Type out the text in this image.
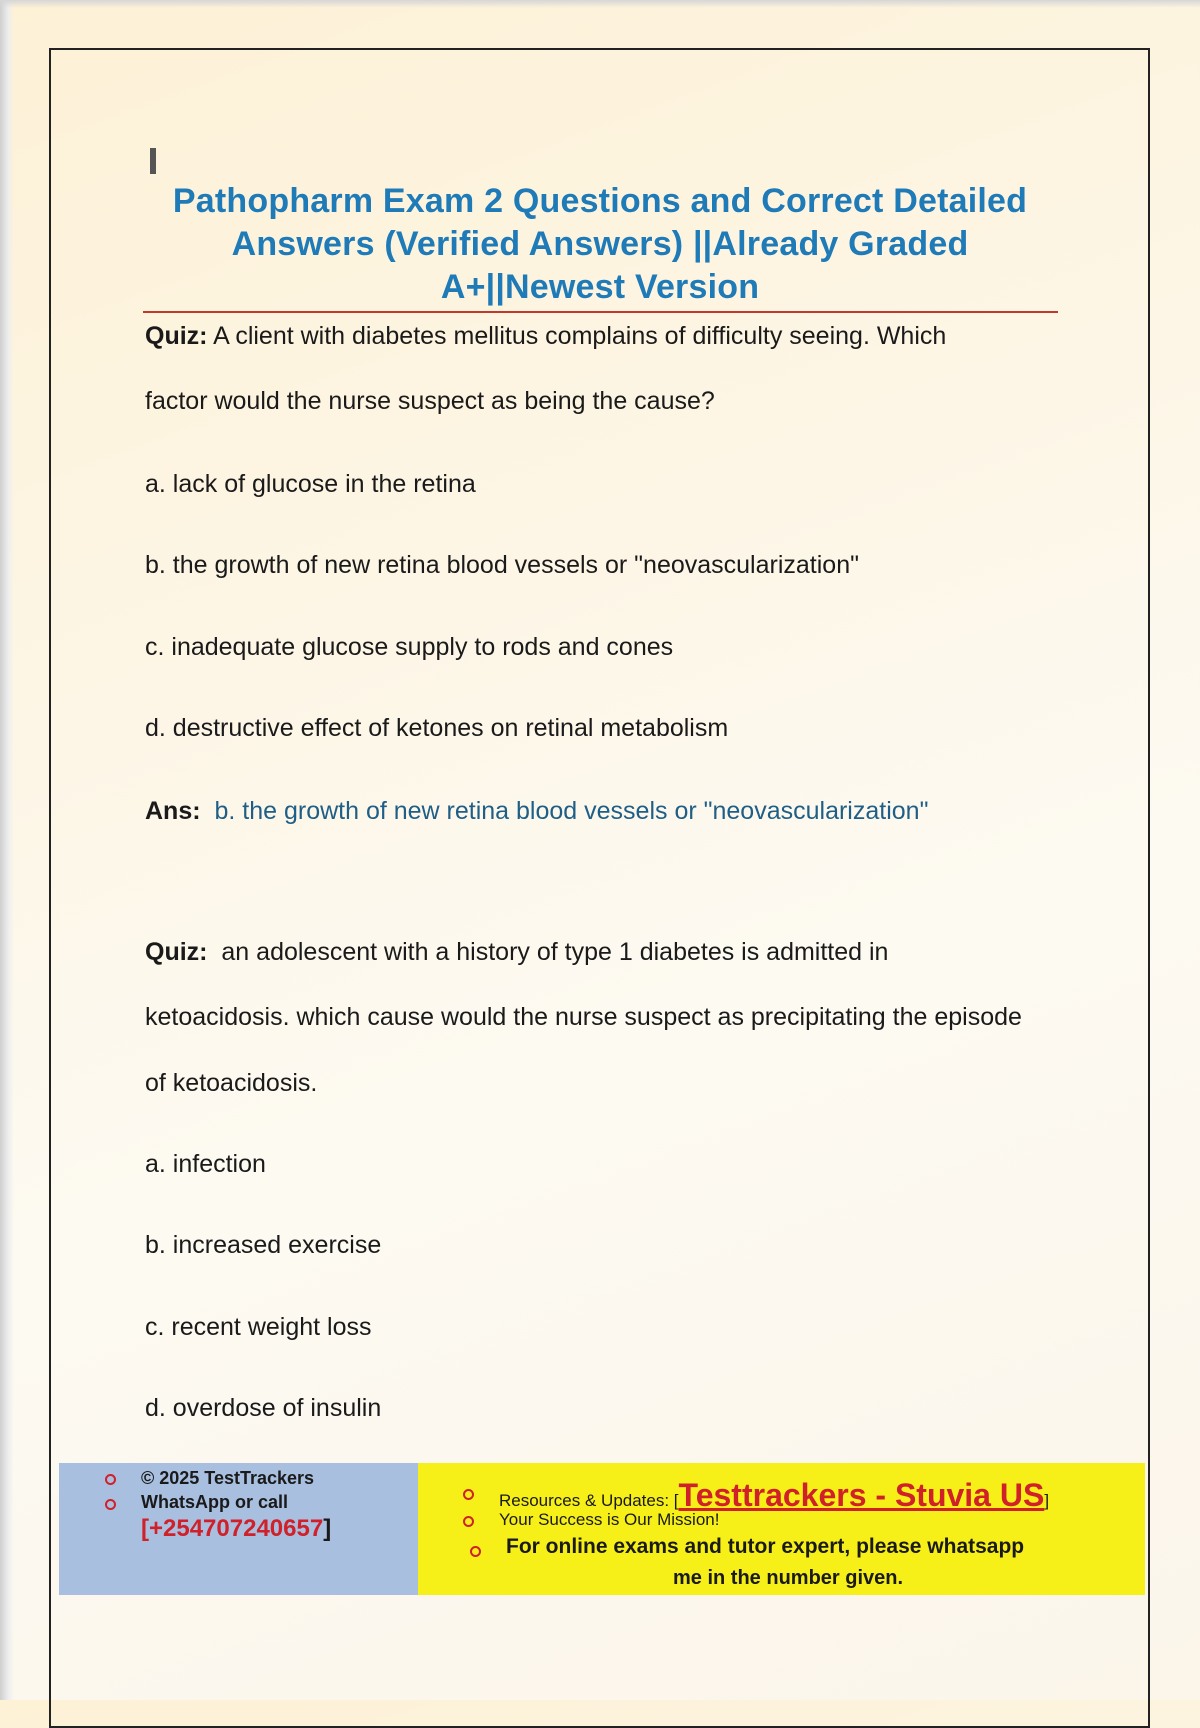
Pathopharm Exam 2 Questions and Correct Detailed
Answers (Verified Answers) ||Already Graded
A+||Newest Version
Quiz: A client with diabetes mellitus complains of difficulty seeing. Which
factor would the nurse suspect as being the cause?
a. lack of glucose in the retina
b. the growth of new retina blood vessels or "neovascularization"
c. inadequate glucose supply to rods and cones
d. destructive effect of ketones on retinal metabolism
Ans: b. the growth of new retina blood vessels or "neovascularization"
Quiz: an adolescent with a history of type 1 diabetes is admitted in
ketoacidosis. which cause would the nurse suspect as precipitating the episode
of ketoacidosis.
a. infection
b. increased exercise
c. recent weight loss
d. overdose of insulin
© 2025 TestTrackers
WhatsApp or call
[+254707240657]
Resources & Updates: [Testtrackers - Stuvia US]
Your Success is Our Mission!
For online exams and tutor expert, please whatsapp
me in the number given.
